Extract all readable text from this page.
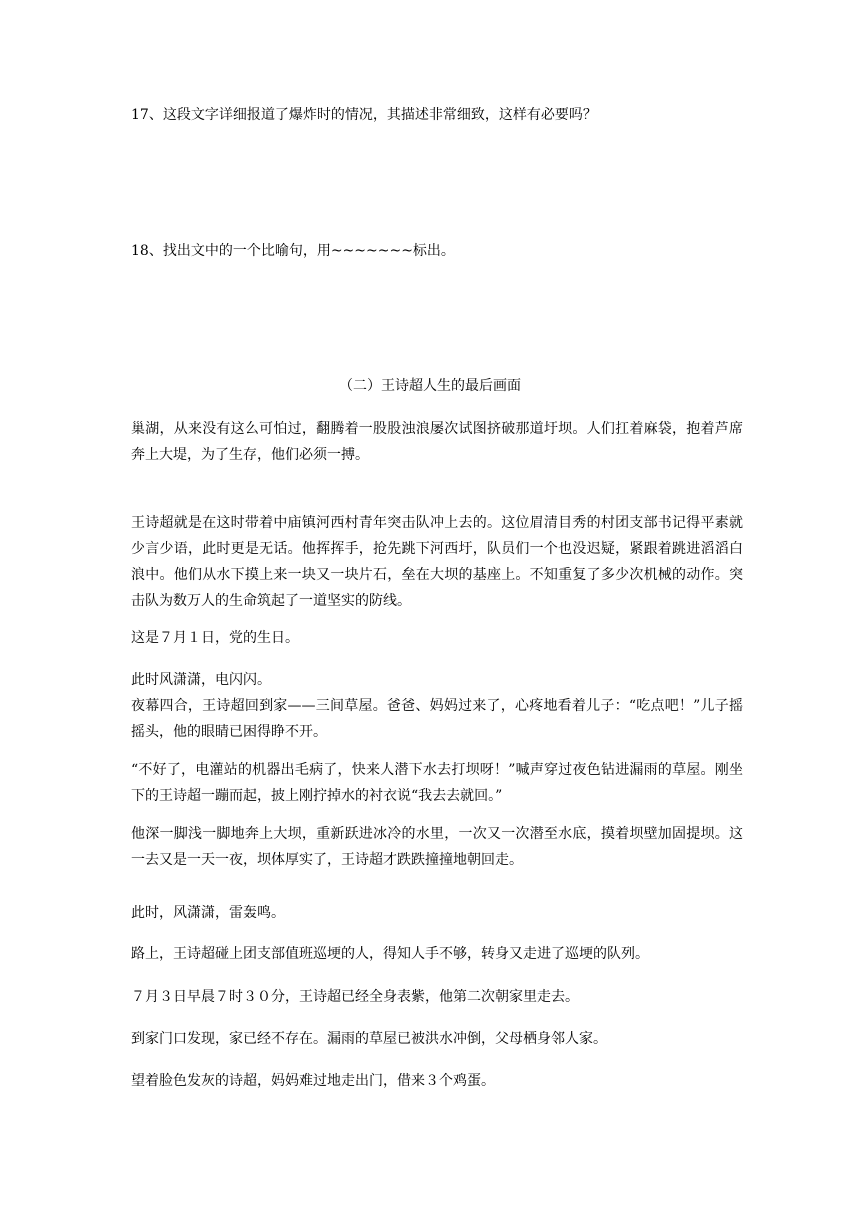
17、这段文字详细报道了爆炸时的情况，其描述非常细致，这样有必要吗？
18、找出文中的一个比喻句，用~~~~~~~标出。
（二）王诗超人生的最后画面
巢湖，从来没有这么可怕过，翻腾着一股股浊浪屡次试图挤破那道圩坝。人们扛着麻袋，抱着芦席奔上大堤，为了生存，他们必须一搏。
王诗超就是在这时带着中庙镇河西村青年突击队冲上去的。这位眉清目秀的村团支部书记得平素就少言少语，此时更是无话。他挥挥手，抢先跳下河西圩，队员们一个也没迟疑，紧跟着跳进滔滔白浪中。他们从水下摸上来一块又一块片石，垒在大坝的基座上。不知重复了多少次机械的动作。突击队为数万人的生命筑起了一道坚实的防线。
这是７月１日，党的生日。
此时风潇潇，电闪闪。
夜幕四合，王诗超回到家——三间草屋。爸爸、妈妈过来了，心疼地看着儿子：“吃点吧！”儿子摇摇头，他的眼睛已困得睁不开。
“不好了，电灌站的机器出毛病了，快来人潜下水去打坝呀！”喊声穿过夜色钻进漏雨的草屋。刚坐下的王诗超一蹦而起，披上刚拧掉水的衬衣说“我去去就回。”
他深一脚浅一脚地奔上大坝，重新跃进冰冷的水里，一次又一次潜至水底，摸着坝壁加固提坝。这一去又是一天一夜，坝体厚实了，王诗超才跌跌撞撞地朝回走。
此时，风潇潇，雷轰鸣。
路上，王诗超碰上团支部值班巡埂的人，得知人手不够，转身又走进了巡埂的队列。
７月３日早晨７时３０分，王诗超已经全身表紫，他第二次朝家里走去。
到家门口发现，家已经不存在。漏雨的草屋已被洪水冲倒，父母栖身邻人家。
望着脸色发灰的诗超，妈妈难过地走出门，借来３个鸡蛋。
